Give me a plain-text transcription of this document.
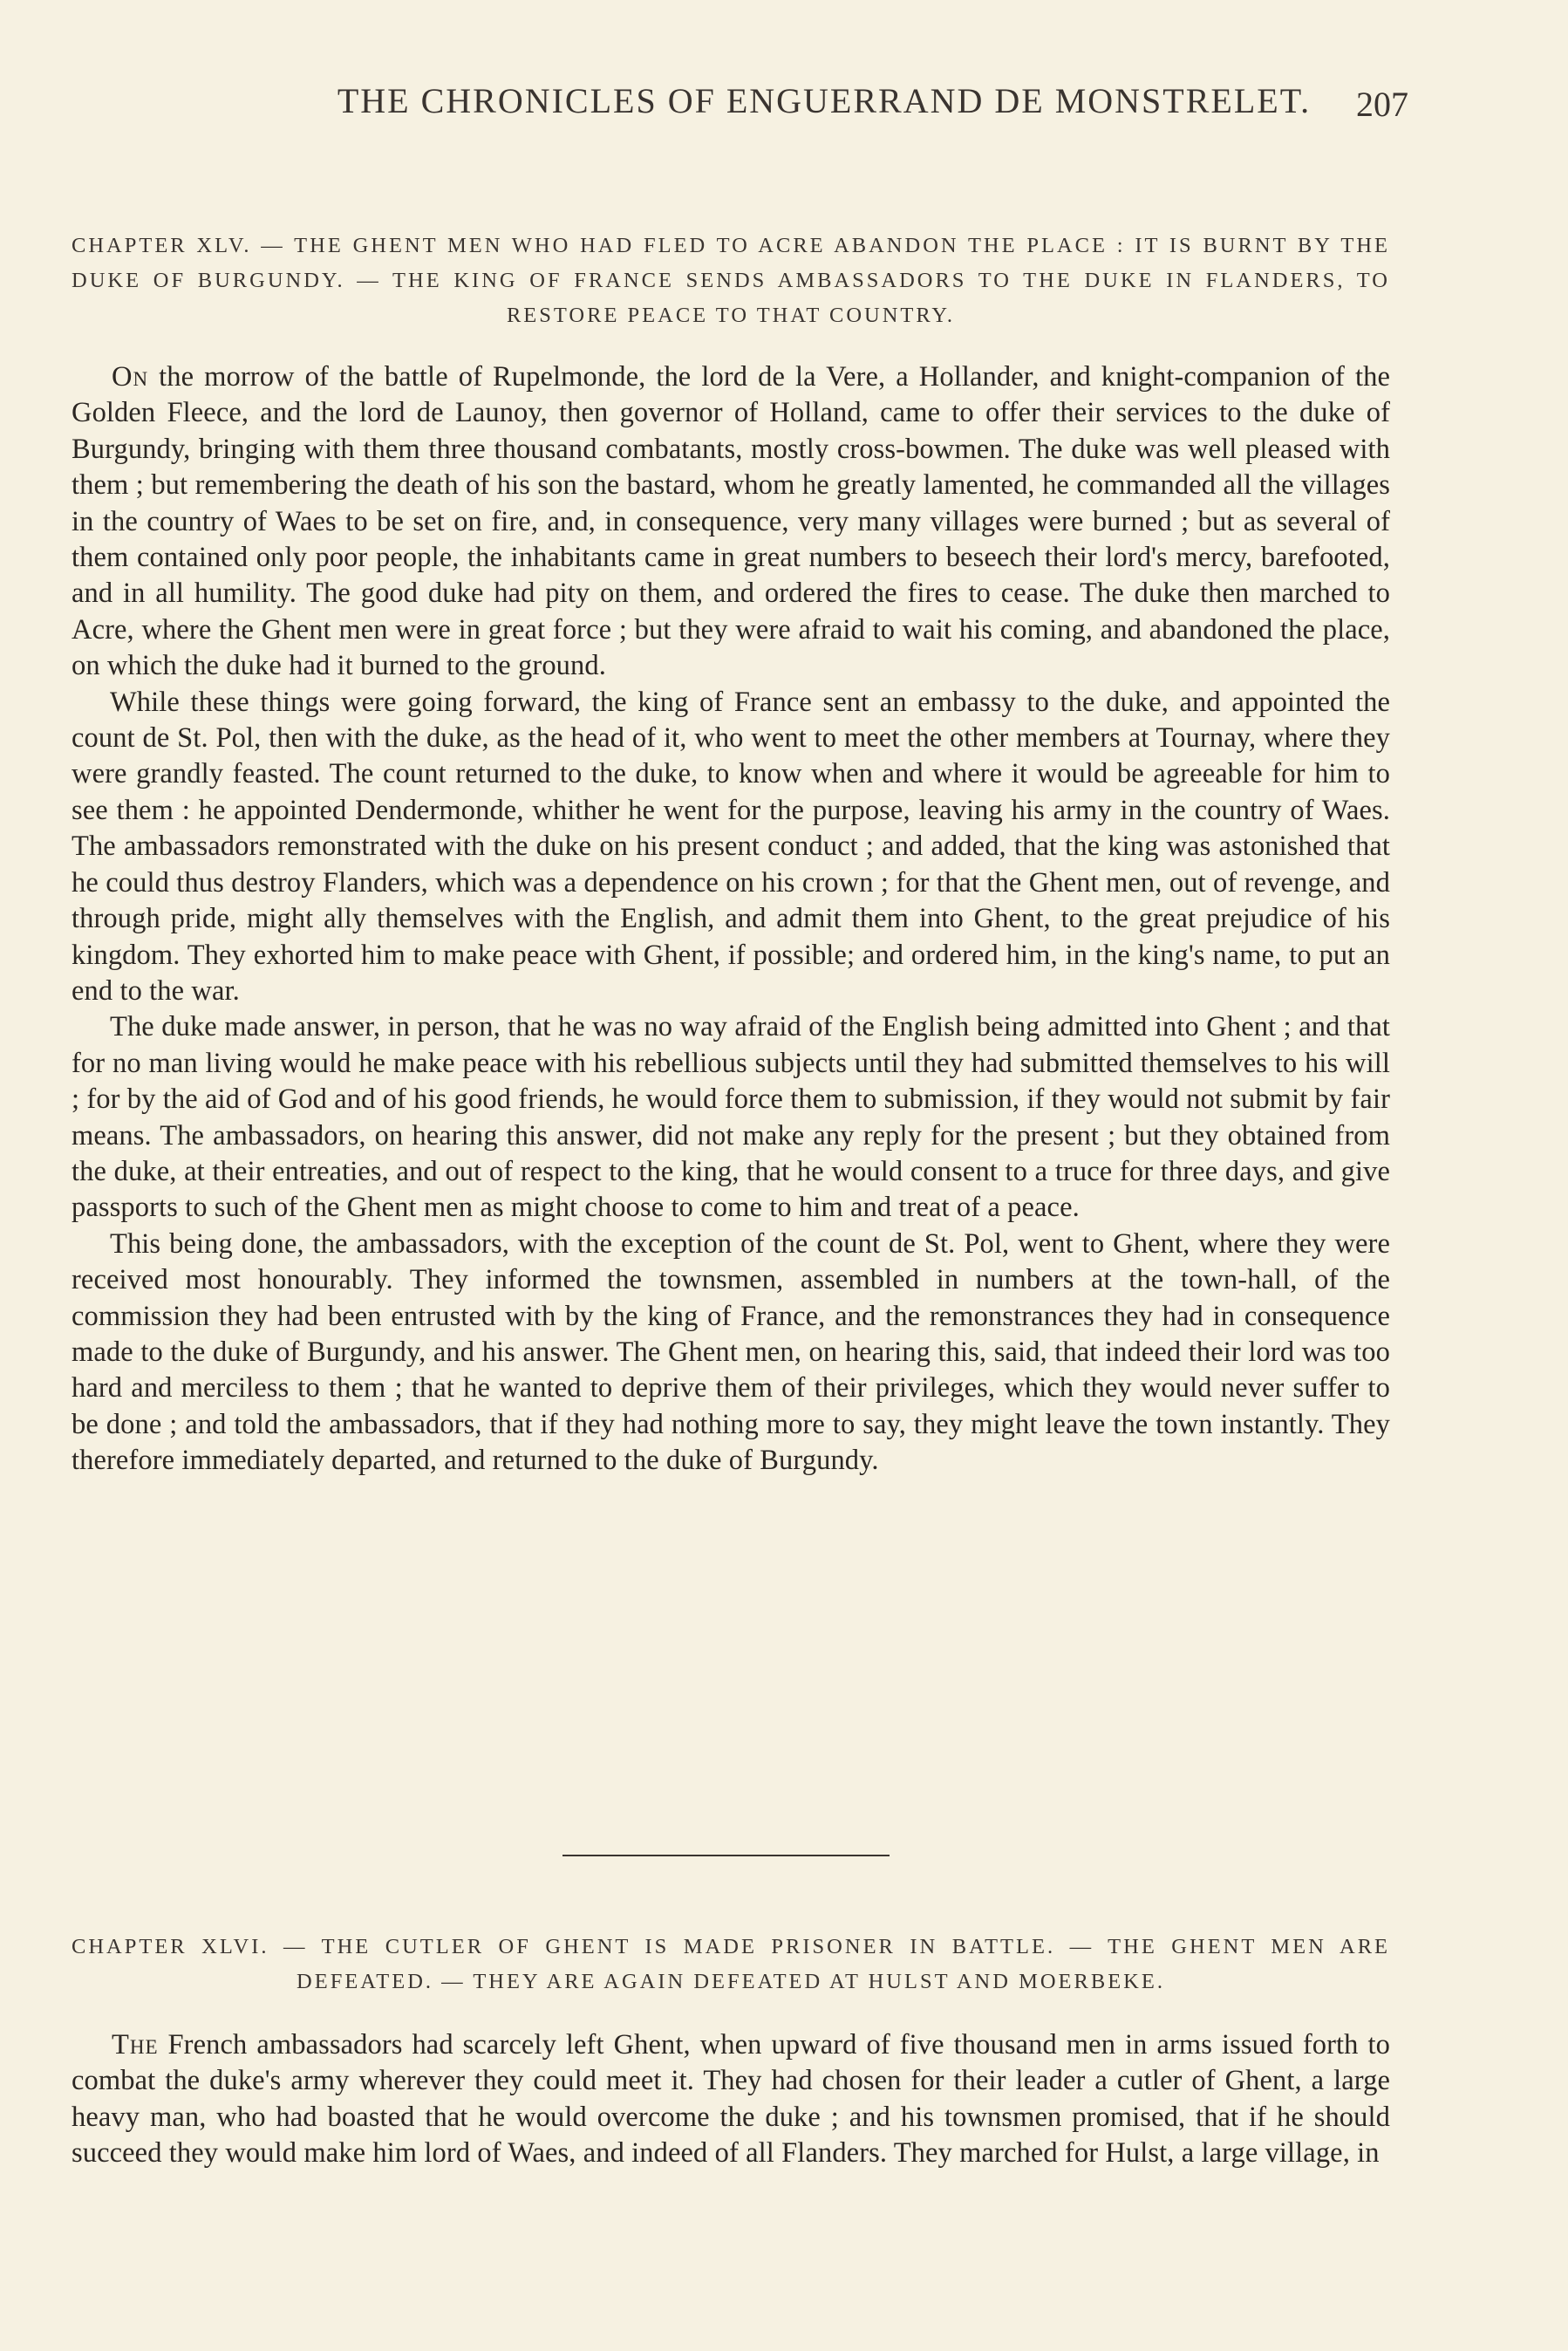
THE CHRONICLES OF ENGUERRAND DE MONSTRELET.	207

CHAPTER XLV. — THE GHENT MEN WHO HAD FLED TO ACRE ABANDON THE PLACE : IT IS BURNT BY THE DUKE OF BURGUNDY. — THE KING OF FRANCE SENDS AMBASSADORS TO THE DUKE IN FLANDERS, TO RESTORE PEACE TO THAT COUNTRY.

On the morrow of the battle of Rupelmonde, the lord de la Vere, a Hollander, and knight-companion of the Golden Fleece, and the lord de Launoy, then governor of Holland, came to offer their services to the duke of Burgundy, bringing with them three thousand combatants, mostly cross-bowmen. The duke was well pleased with them ; but remembering the death of his son the bastard, whom he greatly lamented, he commanded all the villages in the country of Waes to be set on fire, and, in consequence, very many villages were burned ; but as several of them contained only poor people, the inhabitants came in great numbers to beseech their lord's mercy, barefooted, and in all humility. The good duke had pity on them, and ordered the fires to cease. The duke then marched to Acre, where the Ghent men were in great force ; but they were afraid to wait his coming, and abandoned the place, on which the duke had it burned to the ground.

While these things were going forward, the king of France sent an embassy to the duke, and appointed the count de St. Pol, then with the duke, as the head of it, who went to meet the other members at Tournay, where they were grandly feasted. The count returned to the duke, to know when and where it would be agreeable for him to see them : he appointed Dendermonde, whither he went for the purpose, leaving his army in the country of Waes. The ambassadors remonstrated with the duke on his present conduct ; and added, that the king was astonished that he could thus destroy Flanders, which was a dependence on his crown ; for that the Ghent men, out of revenge, and through pride, might ally themselves with the English, and admit them into Ghent, to the great prejudice of his kingdom. They exhorted him to make peace with Ghent, if possible; and ordered him, in the king's name, to put an end to the war.

The duke made answer, in person, that he was no way afraid of the English being admitted into Ghent ; and that for no man living would he make peace with his rebellious subjects until they had submitted themselves to his will ; for by the aid of God and of his good friends, he would force them to submission, if they would not submit by fair means. The ambassadors, on hearing this answer, did not make any reply for the present ; but they obtained from the duke, at their entreaties, and out of respect to the king, that he would consent to a truce for three days, and give passports to such of the Ghent men as might choose to come to him and treat of a peace.

This being done, the ambassadors, with the exception of the count de St. Pol, went to Ghent, where they were received most honourably. They informed the townsmen, assembled in numbers at the town-hall, of the commission they had been entrusted with by the king of France, and the remonstrances they had in consequence made to the duke of Burgundy, and his answer. The Ghent men, on hearing this, said, that indeed their lord was too hard and merciless to them ; that he wanted to deprive them of their privileges, which they would never suffer to be done ; and told the ambassadors, that if they had nothing more to say, they might leave the town instantly. They therefore immediately departed, and returned to the duke of Burgundy.

CHAPTER XLVI. — THE CUTLER OF GHENT IS MADE PRISONER IN BATTLE. — THE GHENT MEN ARE DEFEATED. — THEY ARE AGAIN DEFEATED AT HULST AND MOERBEKE.

The French ambassadors had scarcely left Ghent, when upward of five thousand men in arms issued forth to combat the duke's army wherever they could meet it. They had chosen for their leader a cutler of Ghent, a large heavy man, who had boasted that he would overcome the duke ; and his townsmen promised, that if he should succeed they would make him lord of Waes, and indeed of all Flanders. They marched for Hulst, a large village, in
